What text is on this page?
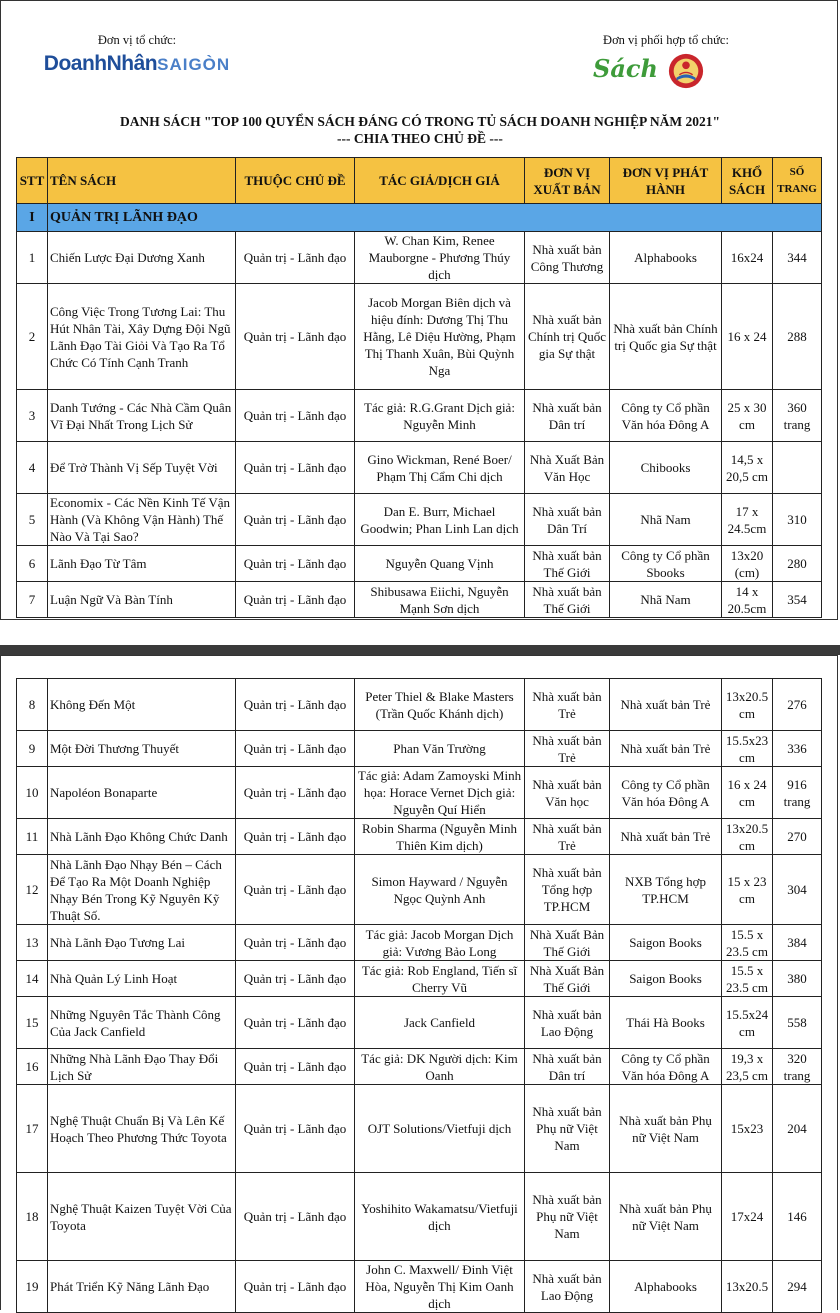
Đơn vị tổ chức:
DoanhNhânSAIGÒN
Đơn vị phối hợp tổ chức:
Sách
DANH SÁCH "TOP 100 QUYỂN SÁCH ĐÁNG CÓ TRONG TỦ SÁCH DOANH NGHIỆP NĂM 2021"
--- CHIA THEO CHỦ ĐỀ ---
STT	TÊN SÁCH	THUỘC CHỦ ĐỀ	TÁC GIẢ/DỊCH GIẢ	ĐƠN VỊ XUẤT BẢN	ĐƠN VỊ PHÁT HÀNH	KHỔ SÁCH	SỐ TRANG
I	QUẢN TRỊ LÃNH ĐẠO						
1	Chiến Lược Đại Dương Xanh	Quản trị - Lãnh đạo	W. Chan Kim, Renee Mauborgne - Phương Thúy dịch	Nhà xuất bản Công Thương	Alphabooks	16x24	344
2	Công Việc Trong Tương Lai: Thu Hút Nhân Tài, Xây Dựng Đội Ngũ Lãnh Đạo Tài Giỏi Và Tạo Ra Tổ Chức Có Tính Cạnh Tranh	Quản trị - Lãnh đạo	Jacob Morgan Biên dịch và hiệu đính: Dương Thị Thu Hằng, Lê Diệu Hường, Phạm Thị Thanh Xuân, Bùi Quỳnh Nga	Nhà xuất bản Chính trị Quốc gia Sự thật	Nhà xuất bản Chính trị Quốc gia Sự thật	16 x 24	288
3	Danh Tướng - Các Nhà Cầm Quân Vĩ Đại Nhất Trong Lịch Sử	Quản trị - Lãnh đạo	Tác giả: R.G.Grant Dịch giả: Nguyễn Minh	Nhà xuất bản Dân trí	Công ty Cổ phần Văn hóa Đông A	25 x 30 cm	360 trang
4	Để Trở Thành Vị Sếp Tuyệt Vời	Quản trị - Lãnh đạo	Gino Wickman, René Boer/ Phạm Thị Cẩm Chi dịch	Nhà Xuất Bản Văn Học	Chibooks	14,5 x 20,5 cm	
5	Economix - Các Nền Kinh Tế Vận Hành (Và Không Vận Hành) Thế Nào Và Tại Sao?	Quản trị - Lãnh đạo	Dan E. Burr, Michael Goodwin; Phan Linh Lan dịch	Nhà xuất bản Dân Trí	Nhã Nam	17 x 24.5cm	310
6	Lãnh Đạo Từ Tâm	Quản trị - Lãnh đạo	Nguyễn Quang Vịnh	Nhà xuất bản Thế Giới	Công ty Cổ phần Sbooks	13x20 (cm)	280
7	Luận Ngữ Và Bàn Tính	Quản trị - Lãnh đạo	Shibusawa Eiichi, Nguyễn Mạnh Sơn dịch	Nhà xuất bản Thế Giới	Nhã Nam	14 x 20.5cm	354
8	Không Đến Một	Quản trị - Lãnh đạo	Peter Thiel & Blake Masters (Trần Quốc Khánh dịch)	Nhà xuất bản Trẻ	Nhà xuất bản Trẻ	13x20.5 cm	276
9	Một Đời Thương Thuyết	Quản trị - Lãnh đạo	Phan Văn Trường	Nhà xuất bản Trẻ	Nhà xuất bản Trẻ	15.5x23 cm	336
10	Napoléon Bonaparte	Quản trị - Lãnh đạo	Tác giả: Adam Zamoyski Minh họa: Horace Vernet Dịch giả: Nguyễn Quí Hiển	Nhà xuất bản Văn học	Công ty Cổ phần Văn hóa Đông A	16 x 24 cm	916 trang
11	Nhà Lãnh Đạo Không Chức Danh	Quản trị - Lãnh đạo	Robin Sharma (Nguyễn Minh Thiên Kim dịch)	Nhà xuất bản Trẻ	Nhà xuất bản Trẻ	13x20.5 cm	270
12	Nhà Lãnh Đạo Nhạy Bén – Cách Để Tạo Ra Một Doanh Nghiệp Nhạy Bén Trong Kỹ Nguyên Kỹ Thuật Số.	Quản trị - Lãnh đạo	Simon Hayward / Nguyễn Ngọc Quỳnh Anh	Nhà xuất bản Tổng hợp TP.HCM	NXB Tổng hợp TP.HCM	15 x 23 cm	304
13	Nhà Lãnh Đạo Tương Lai	Quản trị - Lãnh đạo	Tác giả: Jacob Morgan Dịch giả: Vương Bảo Long	Nhà Xuất Bản Thế Giới	Saigon Books	15.5 x 23.5 cm	384
14	Nhà Quản Lý Linh Hoạt	Quản trị - Lãnh đạo	Tác giả: Rob England, Tiến sĩ Cherry Vũ	Nhà Xuất Bản Thế Giới	Saigon Books	15.5 x 23.5 cm	380
15	Những Nguyên Tắc Thành Công Của Jack Canfield	Quản trị - Lãnh đạo	Jack Canfield	Nhà xuất bản Lao Động	Thái Hà Books	15.5x24 cm	558
16	Những Nhà Lãnh Đạo Thay Đổi Lịch Sử	Quản trị - Lãnh đạo	Tác giả: DK Người dịch: Kim Oanh	Nhà xuất bản Dân trí	Công ty Cổ phần Văn hóa Đông A	19,3 x 23,5 cm	320 trang
17	Nghệ Thuật Chuẩn Bị Và Lên Kế Hoạch Theo Phương Thức Toyota	Quản trị - Lãnh đạo	OJT Solutions/Vietfuji dịch	Nhà xuất bản Phụ nữ Việt Nam	Nhà xuất bản Phụ nữ Việt Nam	15x23	204
18	Nghệ Thuật Kaizen Tuyệt Vời Của Toyota	Quản trị - Lãnh đạo	Yoshihito Wakamatsu/Vietfuji dịch	Nhà xuất bản Phụ nữ Việt Nam	Nhà xuất bản Phụ nữ Việt Nam	17x24	146
19	Phát Triển Kỹ Năng Lãnh Đạo	Quản trị - Lãnh đạo	John C. Maxwell/ Đinh Việt Hòa, Nguyễn Thị Kim Oanh dịch	Nhà xuất bản Lao Động	Alphabooks	13x20.5	294
